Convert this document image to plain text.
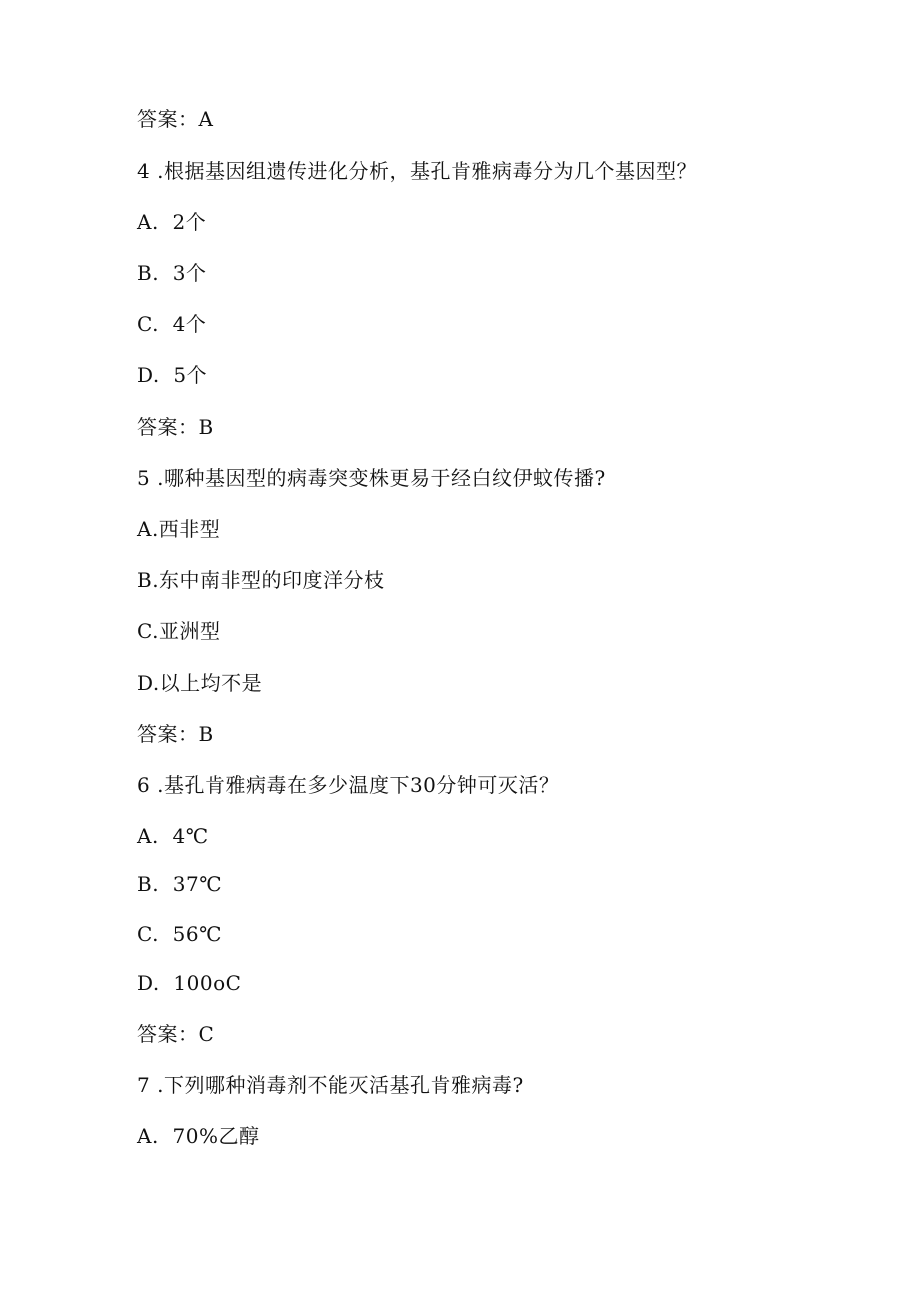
答案：A
4 .根据基因组遗传进化分析，基孔肯雅病毒分为几个基因型？
A.  2个
B.  3个
C.  4个
D.  5个
答案：B
5 .哪种基因型的病毒突变株更易于经白纹伊蚊传播?
A.西非型
B.东中南非型的印度洋分枝
C.亚洲型
D.以上均不是
答案：B
6 .基孔肯雅病毒在多少温度下30分钟可灭活？
A.  4℃
B.  37℃
C.  56℃
D.  100oC
答案：C
7 .下列哪种消毒剂不能灭活基孔肯雅病毒?
A.  70%乙醇
